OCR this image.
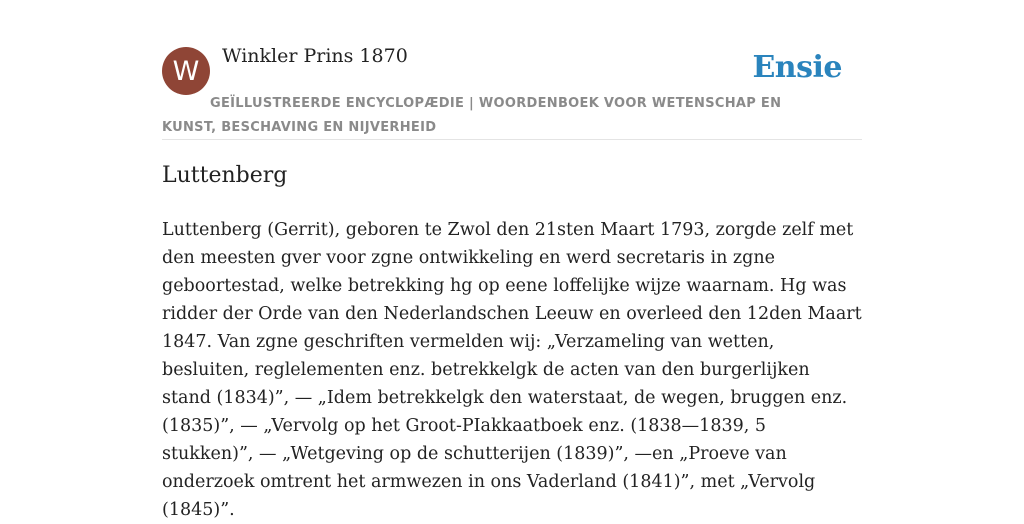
W	Winkler Prins 1870	Ensie
GEÏLLUSTREERDE ENCYCLOPÆDIE | WOORDENBOEK VOOR WETENSCHAP EN KUNST, BESCHAVING EN NIJVERHEID
Luttenberg

Luttenberg (Gerrit), geboren te Zwol den 21sten Maart 1793, zorgde zelf met den meesten gver voor zgne ontwikkeling en werd secretaris in zgne geboortestad, welke betrekking hg op eene loffelijke wijze waarnam. Hg was ridder der Orde van den Nederlandschen Leeuw en overleed den 12den Maart 1847. Van zgne geschriften vermelden wij: „Verzameling van wetten, besluiten, reglelementen enz. betrekkelgk de acten van den burgerlijken stand (1834)”, — „Idem betrekkelgk den waterstaat, de wegen, bruggen enz. (1835)”, — „Vervolg op het Groot-PIakkaatboek enz. (1838—1839, 5 stukken)”, — „Wetgeving op de schutterijen (1839)”, —en „Proeve van onderzoek omtrent het armwezen in ons Vaderland (1841)”, met „Vervolg (1845)”.
